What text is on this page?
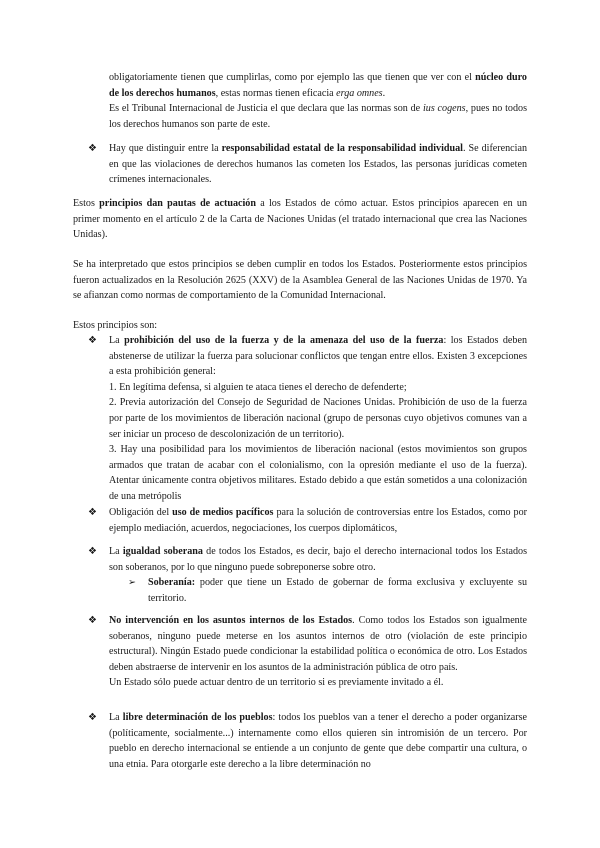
obligatoriamente tienen que cumplirlas, como por ejemplo las que tienen que ver con el núcleo duro de los derechos humanos, estas normas tienen eficacia erga omnes.

Es el Tribunal Internacional de Justicia el que declara que las normas son de ius cogens, pues no todos los derechos humanos son parte de este.

❖ Hay que distinguir entre la responsabilidad estatal de la responsabilidad individual. Se diferencian en que las violaciones de derechos humanos las cometen los Estados, las personas jurídicas cometen crímenes internacionales.

Estos principios dan pautas de actuación a los Estados de cómo actuar. Estos principios aparecen en un primer momento en el artículo 2 de la Carta de Naciones Unidas (el tratado internacional que crea las Naciones Unidas).

Se ha interpretado que estos principios se deben cumplir en todos los Estados. Posteriormente estos principios fueron actualizados en la Resolución 2625 (XXV) de la Asamblea General de las Naciones Unidas de 1970. Ya se afianzan como normas de comportamiento de la Comunidad Internacional.

Estos principios son:

❖ La prohibición del uso de la fuerza y de la amenaza del uso de la fuerza: los Estados deben abstenerse de utilizar la fuerza para solucionar conflictos que tengan entre ellos. Existen 3 excepciones a esta prohibición general:

1. En legítima defensa, si alguien te ataca tienes el derecho de defenderte;

2. Previa autorización del Consejo de Seguridad de Naciones Unidas. Prohibición de uso de la fuerza por parte de los movimientos de liberación nacional (grupo de personas cuyo objetivos comunes van a ser iniciar un proceso de descolonización de un territorio).

3. Hay una posibilidad para los movimientos de liberación nacional (estos movimientos son grupos armados que tratan de acabar con el colonialismo, con la opresión mediante el uso de la fuerza). Atentar únicamente contra objetivos militares. Estado debido a que están sometidos a una colonización de una metrópolis

❖ Obligación del uso de medios pacíficos para la solución de controversias entre los Estados, como por ejemplo mediación, acuerdos, negociaciones, los cuerpos diplomáticos,

❖ La igualdad soberana de todos los Estados, es decir, bajo el derecho internacional todos los Estados son soberanos, por lo que ninguno puede sobreponerse sobre otro.

➢ Soberanía: poder que tiene un Estado de gobernar de forma exclusiva y excluyente su territorio.

❖ No intervención en los asuntos internos de los Estados. Como todos los Estados son igualmente soberanos, ninguno puede meterse en los asuntos internos de otro (violación de este principio estructural). Ningún Estado puede condicionar la estabilidad política o económica de otro. Los Estados deben abstraerse de intervenir en los asuntos de la administración pública de otro país.

Un Estado sólo puede actuar dentro de un territorio si es previamente invitado a él.

❖ La libre determinación de los pueblos: todos los pueblos van a tener el derecho a poder organizarse (políticamente, socialmente...) internamente como ellos quieren sin intromisión de un tercero. Por pueblo en derecho internacional se entiende a un conjunto de gente que debe compartir una cultura, o una etnia. Para otorgarle este derecho a la libre determinación no
